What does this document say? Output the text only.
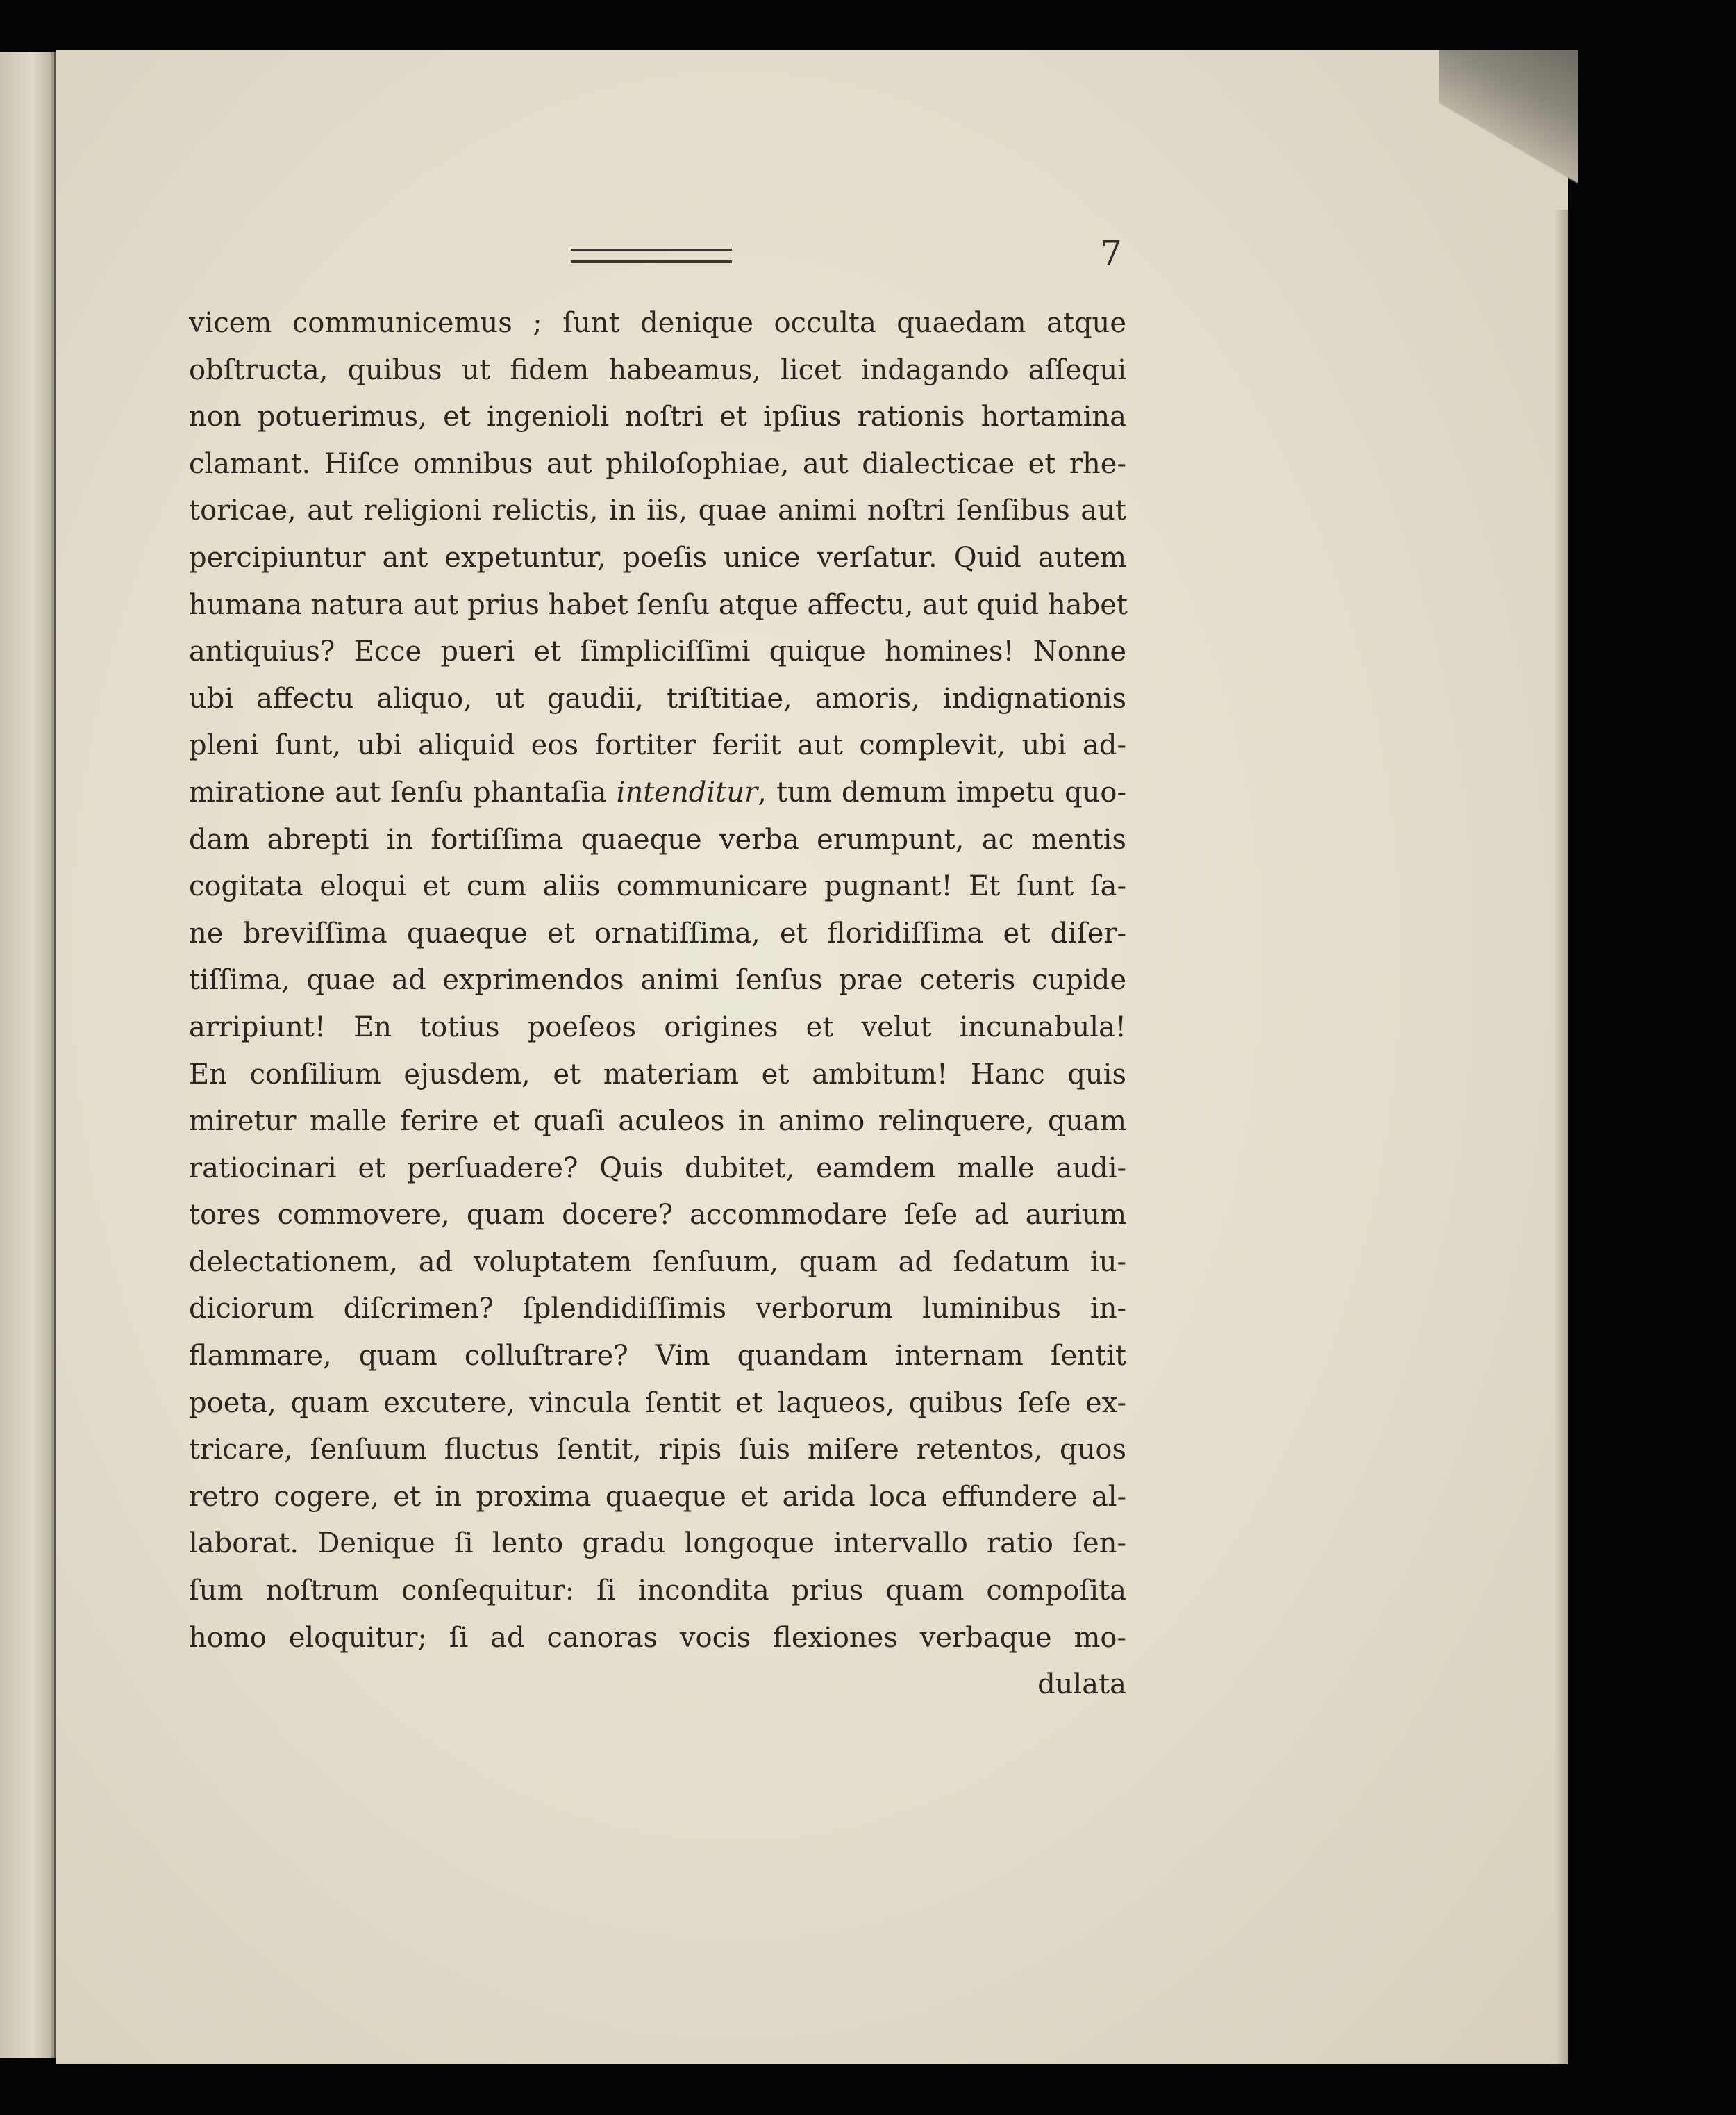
7
vicem communicemus ; ſunt denique occulta quaedam atque
obſtructa, quibus ut fidem habeamus, licet indagando aſſequi
non potuerimus, et ingenioli noſtri et ipſius rationis hortamina
clamant. Hiſce omnibus aut philoſophiae, aut dialecticae et rhe-
toricae, aut religioni relictis, in iis, quae animi noſtri ſenſibus aut
percipiuntur ant expetuntur, poeſis unice verſatur. Quid autem
humana natura aut prius habet ſenſu atque affectu, aut quid habet
antiquius? Ecce pueri et ſimpliciſſimi quique homines! Nonne
ubi affectu aliquo, ut gaudii, triſtitiae, amoris, indignationis
pleni ſunt, ubi aliquid eos fortiter feriit aut complevit, ubi ad-
miratione aut ſenſu phantaſia intenditur, tum demum impetu quo-
dam abrepti in fortiſſima quaeque verba erumpunt, ac mentis
cogitata eloqui et cum aliis communicare pugnant! Et ſunt ſa-
ne breviſſima quaeque et ornatiſſima, et floridiſſima et diſer-
tiſſima, quae ad exprimendos animi ſenſus prae ceteris cupide
arripiunt! En totius poeſeos origines et velut incunabula!
En conſilium ejusdem, et materiam et ambitum! Hanc quis
miretur malle ferire et quaſi aculeos in animo relinquere, quam
ratiocinari et perſuadere? Quis dubitet, eamdem malle audi-
tores commovere, quam docere? accommodare ſeſe ad aurium
delectationem, ad voluptatem ſenſuum, quam ad ſedatum iu-
diciorum diſcrimen? ſplendidiſſimis verborum luminibus in-
flammare, quam colluſtrare? Vim quandam internam ſentit
poeta, quam excutere, vincula ſentit et laqueos, quibus ſeſe ex-
tricare, ſenſuum fluctus ſentit, ripis ſuis miſere retentos, quos
retro cogere, et in proxima quaeque et arida loca effundere al-
laborat. Denique ſi lento gradu longoque intervallo ratio ſen-
ſum noſtrum conſequitur: ſi incondita prius quam compoſita
homo eloquitur; ſi ad canoras vocis flexiones verbaque mo-
dulata
